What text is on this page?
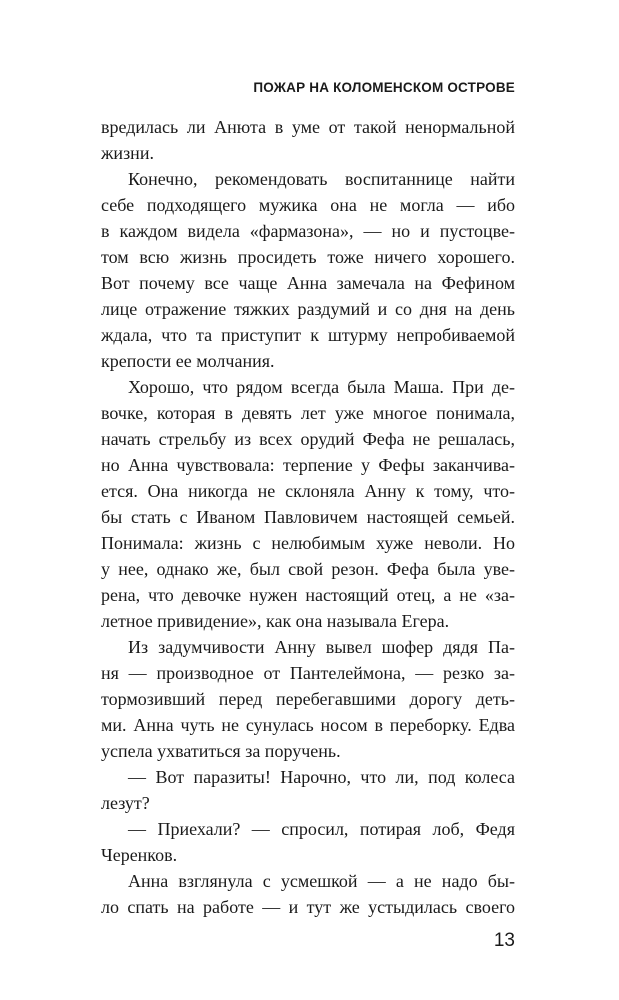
ПОЖАР НА КОЛОМЕНСКОМ ОСТРОВЕ
вредилась ли Анюта в уме от такой ненормальной
жизни.
Конечно, рекомендовать воспитаннице найти
себе подходящего мужика она не могла — ибо
в каждом видела «фармазона», — но и пустоцве-
том всю жизнь просидеть тоже ничего хорошего.
Вот почему все чаще Анна замечала на Фефином
лице отражение тяжких раздумий и со дня на день
ждала, что та приступит к штурму непробиваемой
крепости ее молчания.
Хорошо, что рядом всегда была Маша. При де-
вочке, которая в девять лет уже многое понимала,
начать стрельбу из всех орудий Фефа не решалась,
но Анна чувствовала: терпение у Фефы заканчива-
ется. Она никогда не склоняла Анну к тому, что-
бы стать с Иваном Павловичем настоящей семьей.
Понимала: жизнь с нелюбимым хуже неволи. Но
у нее, однако же, был свой резон. Фефа была уве-
рена, что девочке нужен настоящий отец, а не «за-
летное привидение», как она называла Егера.
Из задумчивости Анну вывел шофер дядя Па-
ня — производное от Пантелеймона, — резко за-
тормозивший перед перебегавшими дорогу деть-
ми. Анна чуть не сунулась носом в переборку. Едва
успела ухватиться за поручень.
— Вот паразиты! Нарочно, что ли, под колеса
лезут?
— Приехали? — спросил, потирая лоб, Федя
Черенков.
Анна взглянула с усмешкой — а не надо бы-
ло спать на работе — и тут же устыдилась своего
13
